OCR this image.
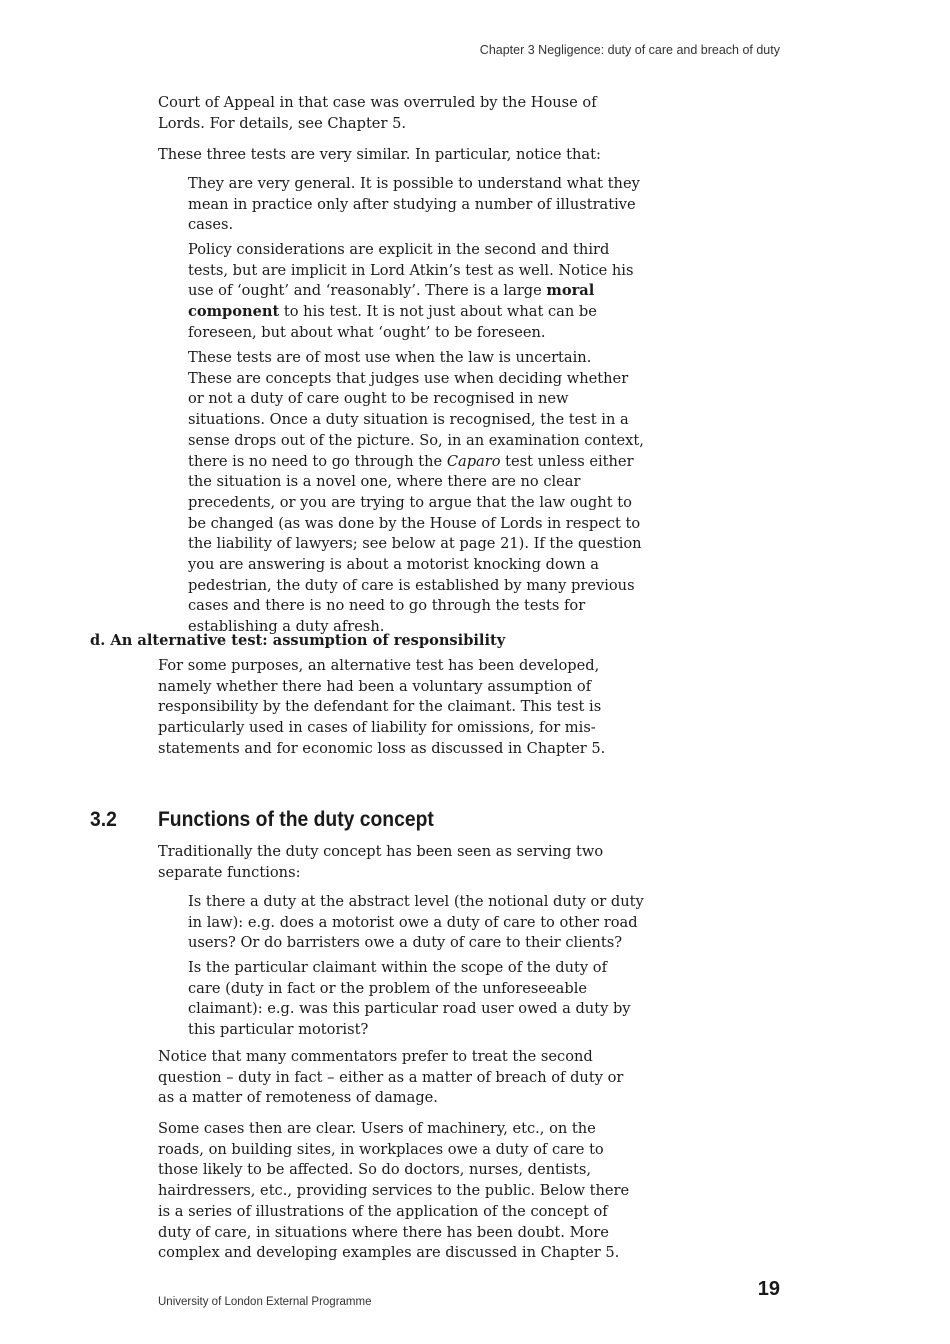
Chapter 3 Negligence: duty of care and breach of duty

Court of Appeal in that case was overruled by the House of Lords. For details, see Chapter 5.

These three tests are very similar. In particular, notice that:

They are very general. It is possible to understand what they mean in practice only after studying a number of illustrative cases.

Policy considerations are explicit in the second and third tests, but are implicit in Lord Atkin’s test as well. Notice his use of ‘ought’ and ‘reasonably’. There is a large moral component to his test. It is not just about what can be foreseen, but about what ‘ought’ to be foreseen.

These tests are of most use when the law is uncertain.
These are concepts that judges use when deciding whether or not a duty of care ought to be recognised in new situations. Once a duty situation is recognised, the test in a sense drops out of the picture. So, in an examination context, there is no need to go through the Caparo test unless either the situation is a novel one, where there are no clear precedents, or you are trying to argue that the law ought to be changed (as was done by the House of Lords in respect to the liability of lawyers; see below at page 21). If the question you are answering is about a motorist knocking down a pedestrian, the duty of care is established by many previous cases and there is no need to go through the tests for establishing a duty afresh.

d. An alternative test: assumption of responsibility

For some purposes, an alternative test has been developed, namely whether there had been a voluntary assumption of responsibility by the defendant for the claimant. This test is particularly used in cases of liability for omissions, for mis-statements and for economic loss as discussed in Chapter 5.

3.2 Functions of the duty concept

Traditionally the duty concept has been seen as serving two separate functions:

Is there a duty at the abstract level (the notional duty or duty in law): e.g. does a motorist owe a duty of care to other road users? Or do barristers owe a duty of care to their clients?

Is the particular claimant within the scope of the duty of care (duty in fact or the problem of the unforeseeable claimant): e.g. was this particular road user owed a duty by this particular motorist?

Notice that many commentators prefer to treat the second question – duty in fact – either as a matter of breach of duty or as a matter of remoteness of damage.

Some cases then are clear. Users of machinery, etc., on the roads, on building sites, in workplaces owe a duty of care to those likely to be affected. So do doctors, nurses, dentists, hairdressers, etc., providing services to the public. Below there is a series of illustrations of the application of the concept of duty of care, in situations where there has been doubt. More complex and developing examples are discussed in Chapter 5.

University of London External Programme
19
